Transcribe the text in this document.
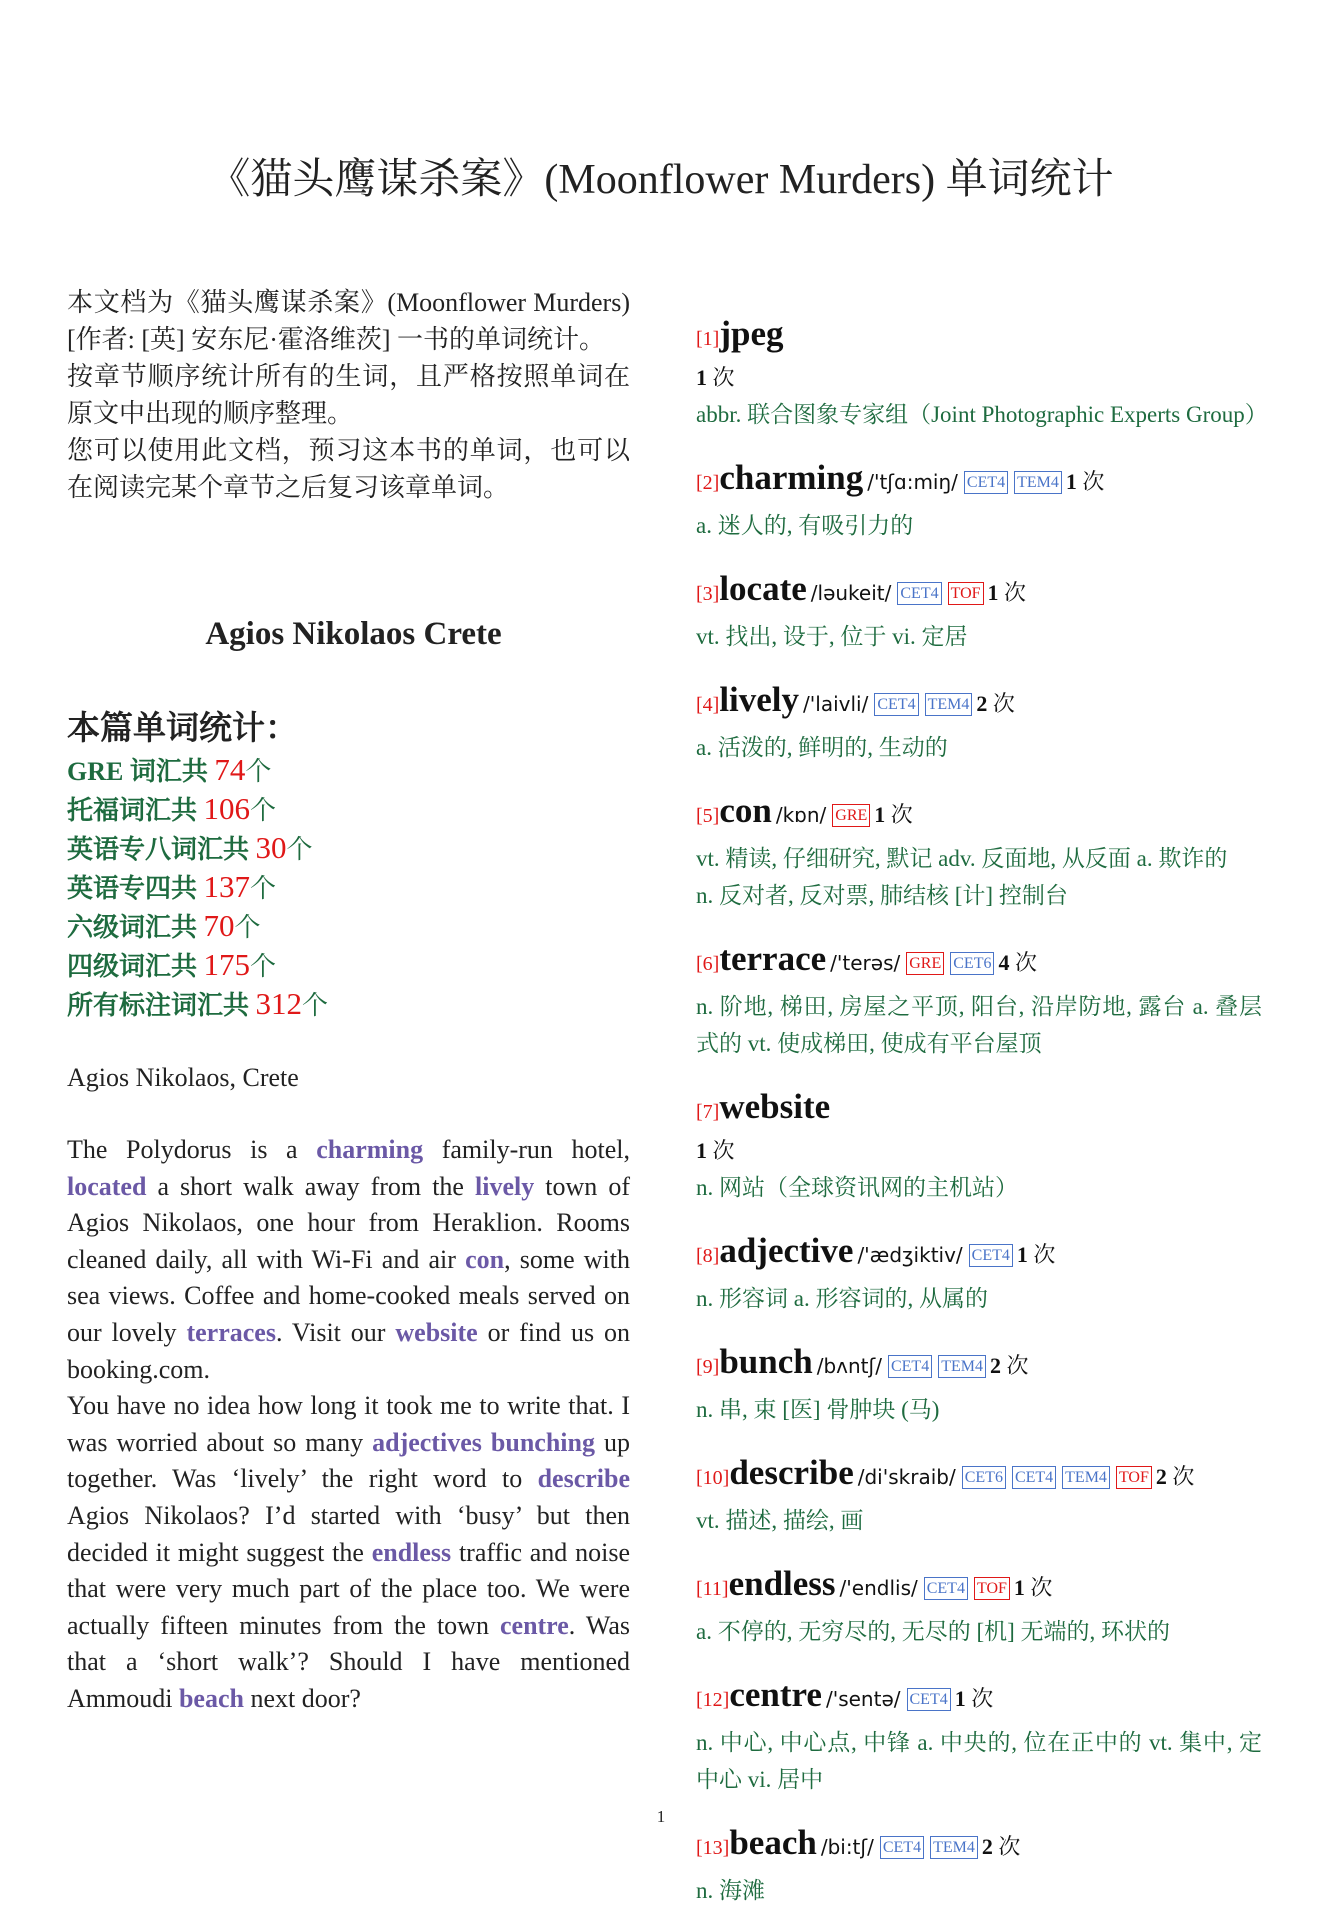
《猫头鹰谋杀案》(Moonflower Murders) 单词统计

本文档为《猫头鹰谋杀案》(Moonflower Murders)[作者: [英] 安东尼·霍洛维茨] 一书的单词统计。

按章节顺序统计所有的生词，且严格按照单词在原文中出现的顺序整理。

您可以使用此文档，预习这本书的单词，也可以在阅读完某个章节之后复习该章单词。

Agios Nikolaos Crete
本篇单词统计：
GRE 词汇共 74个
托福词汇共 106个
英语专八词汇共 30个
英语专四共 137个
六级词汇共 70个
四级词汇共 175个
所有标注词汇共 312个
Agios Nikolaos, Crete

The Polydorus is a charming family-run hotel, located a short walk away from the lively town of Agios Nikolaos, one hour from Heraklion. Rooms cleaned daily, all with Wi-Fi and air con, some with sea views. Coffee and home-cooked meals served on our lovely terraces. Visit our website or find us on booking.com.

You have no idea how long it took me to write that. I was worried about so many adjectives bunching up together. Was ‘lively’ the right word to describe Agios Nikolaos? I’d started with ‘busy’ but then decided it might suggest the endless traffic and noise that were very much part of the place too. We were actually fifteen minutes from the town centre. Was that a ‘short walk’? Should I have mentioned Ammoudi beach next door?

[1]jpeg
1 次
abbr. 联合图象专家组（Joint Photographic Experts Group）
[2]charming /'tʃɑ:miŋ/ CET4 TEM4 1 次
a. 迷人的, 有吸引力的
[3]locate /ləukeit/ CET4 TOF 1 次
vt. 找出, 设于, 位于 vi. 定居
[4]lively /'laivli/ CET4 TEM4 2 次
a. 活泼的, 鲜明的, 生动的
[5]con /kɒn/ GRE 1 次
vt. 精读, 仔细研究, 默记 adv. 反面地, 从反面 a. 欺诈的
n. 反对者, 反对票, 肺结核 [计] 控制台
[6]terrace /'terəs/ GRE CET6 4 次
n. 阶地, 梯田, 房屋之平顶, 阳台, 沿岸防地, 露台 a. 叠层式的 vt. 使成梯田, 使成有平台屋顶
[7]website
1 次
n. 网站（全球资讯网的主机站）
[8]adjective /'ædʒiktiv/ CET4 1 次
n. 形容词 a. 形容词的, 从属的
[9]bunch /bʌntʃ/ CET4 TEM4 2 次
n. 串, 束 [医] 骨肿块 (马)
[10]describe /di'skraib/ CET6 CET4 TEM4 TOF 2 次
vt. 描述, 描绘, 画
[11]endless /'endlis/ CET4 TOF 1 次
a. 不停的, 无穷尽的, 无尽的 [机] 无端的, 环状的
[12]centre /'sentə/ CET4 1 次
n. 中心, 中心点, 中锋 a. 中央的, 位在正中的 vt. 集中, 定中心 vi. 居中
[13]beach /bi:tʃ/ CET4 TEM4 2 次
n. 海滩
1
